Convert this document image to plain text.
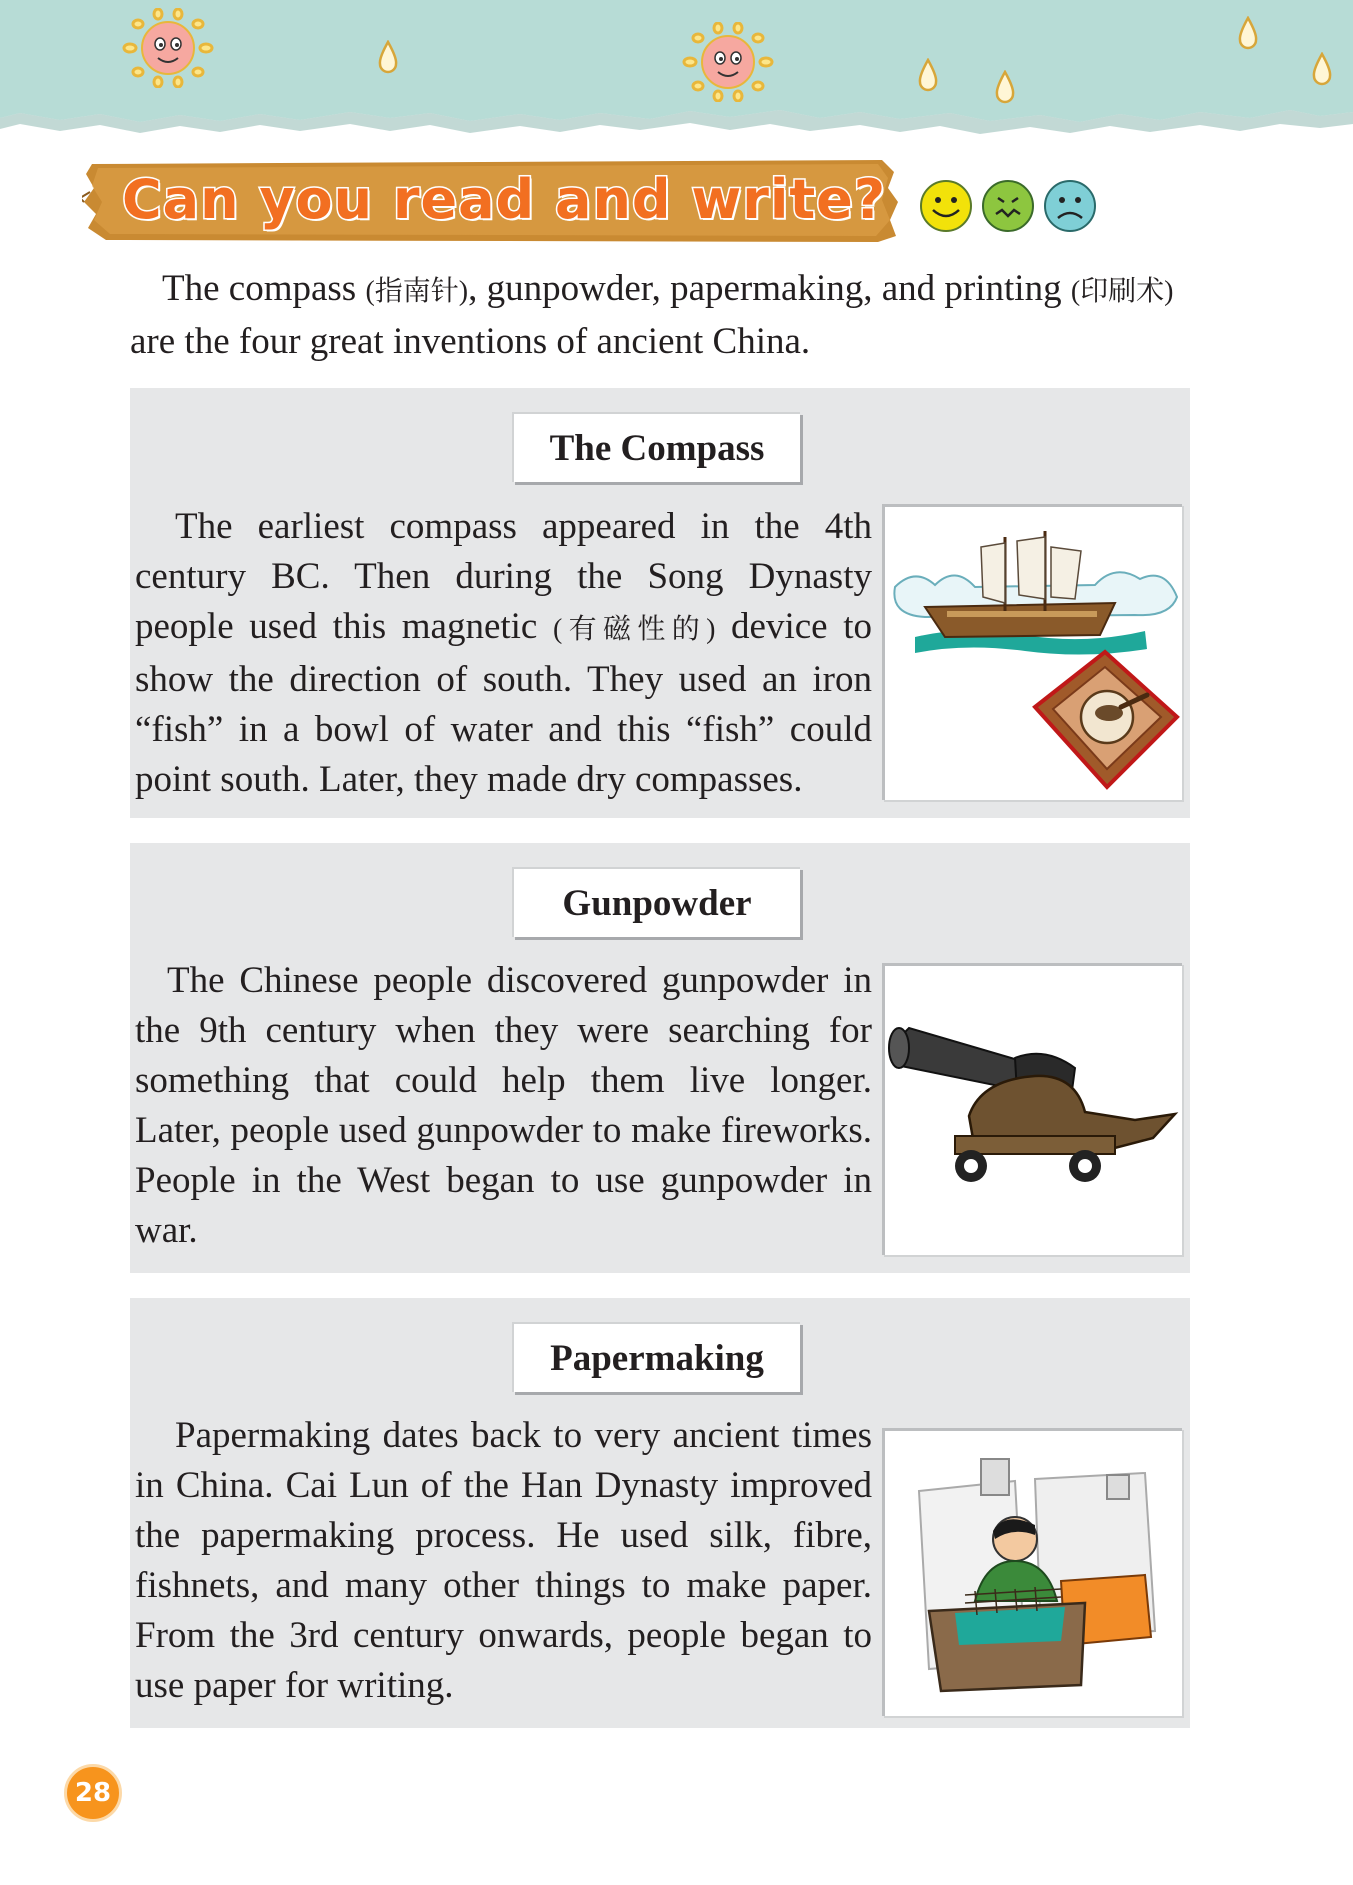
Can you read and write?

The compass (指南针), gunpowder, papermaking, and printing (印刷术) are the four great inventions of ancient China.

The Compass

The earliest compass appeared in the 4th century BC. Then during the Song Dynasty people used this magnetic (有磁性的) device to show the direction of south. They used an iron “fish” in a bowl of water and this “fish” could point south. Later, they made dry compasses.

Gunpowder

The Chinese people discovered gunpowder in the 9th century when they were searching for something that could help them live longer. Later, people used gunpowder to make fireworks. People in the West began to use gunpowder in war.

Papermaking

Papermaking dates back to very ancient times in China. Cai Lun of the Han Dynasty improved the papermaking process. He used silk, fibre, fishnets, and many other things to make paper. From the 3rd century onwards, people began to use paper for writing.

28
